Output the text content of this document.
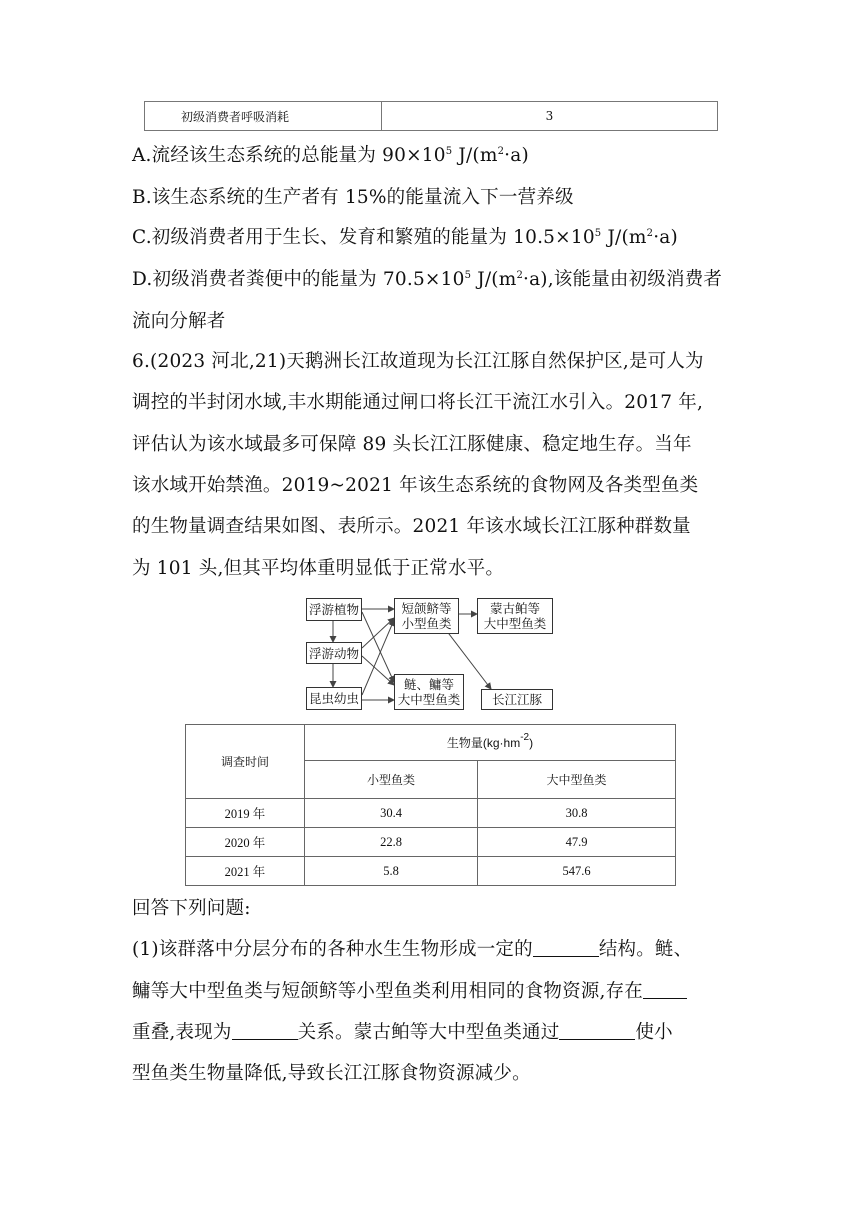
初级消费者呼吸消耗	3
A.流经该生态系统的总能量为 $90\times 10^5$ $J/(m^2\cdot a)$
B.该生态系统的生产者有 15%的能量流入下一营养级
C.初级消费者用于生长、发育和繁殖的能量为 $10.5\times 10^5$ $J/(m^2\cdot a)$
D.初级消费者粪便中的能量为 $70.5\times 10^5$ $J/(m^2\cdot a)$,该能量由初级消费者
流向分解者
6.(2023 河北,21)天鹅洲长江故道现为长江江豚自然保护区,是可人为
调控的半封闭水域,丰水期能通过闸口将长江干流江水引入。2017 年,
评估认为该水域最多可保障 89 头长江江豚健康、稳定地生存。当年
该水域开始禁渔。2019~2021 年该生态系统的食物网及各类型鱼类
的生物量调查结果如图、表所示。2021 年该水域长江江豚种群数量
为 101 头,但其平均体重明显低于正常水平。
浮游植物
浮游动物
昆虫幼虫
短颌鲚等
小型鱼类
鲢、鳙等
大中型鱼类
蒙古鲌等
大中型鱼类
长江江豚
调查时间	生物量$(kg\cdot hm^{-2})$	
	小型鱼类	大中型鱼类
2019 年	30.4	30.8
2020 年	22.8	47.9
2021 年	5.8	547.6
回答下列问题:
(1)该群落中分层分布的各种水生生物形成一定的	结构。鲢、
鳙等大中型鱼类与短颌鲚等小型鱼类利用相同的食物资源,存在
重叠,表现为	关系。蒙古鲌等大中型鱼类通过	使小
型鱼类生物量降低,导致长江江豚食物资源减少。
